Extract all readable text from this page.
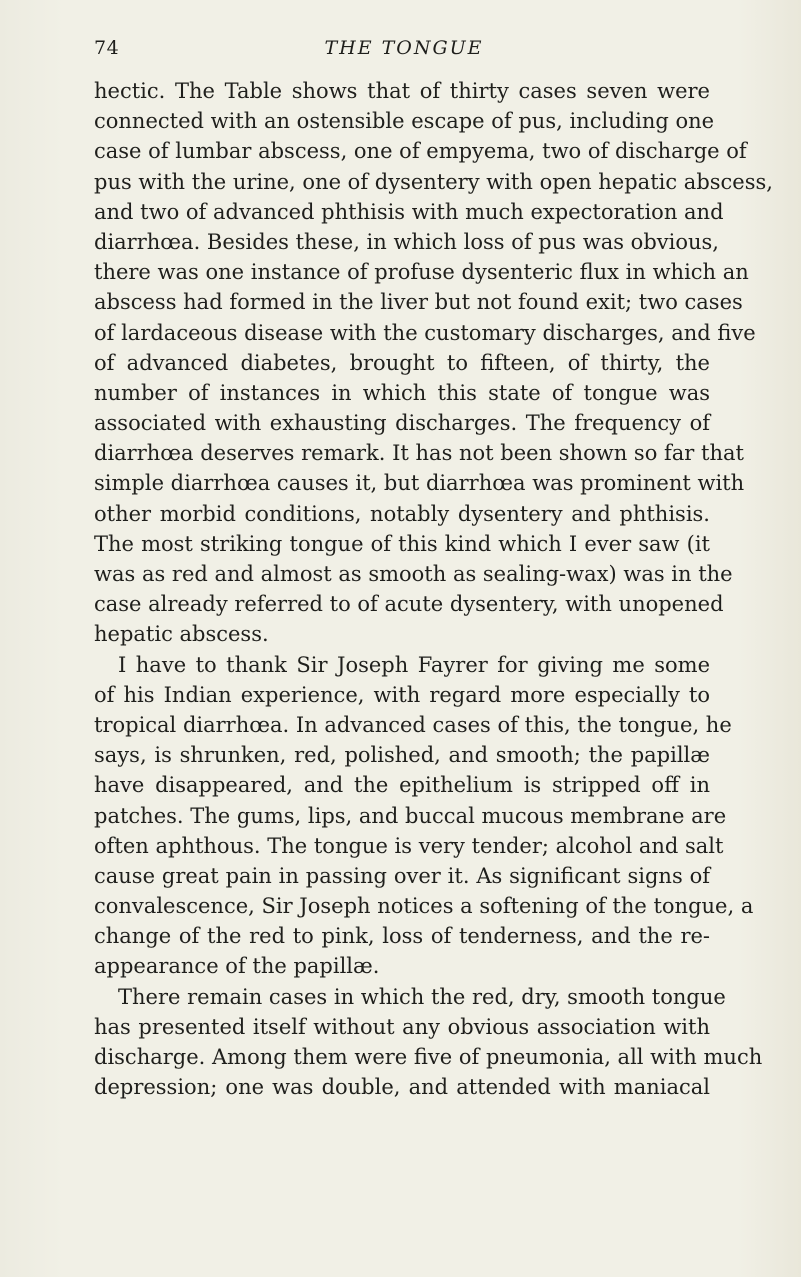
74	THE TONGUE
hectic. The Table shows that of thirty cases seven were
connected with an ostensible escape of pus, including one
case of lumbar abscess, one of empyema, two of discharge of
pus with the urine, one of dysentery with open hepatic abscess,
and two of advanced phthisis with much expectoration and
diarrhœa. Besides these, in which loss of pus was obvious,
there was one instance of profuse dysenteric flux in which an
abscess had formed in the liver but not found exit; two cases
of lardaceous disease with the customary discharges, and five
of advanced diabetes, brought to fifteen, of thirty, the
number of instances in which this state of tongue was
associated with exhausting discharges. The frequency of
diarrhœa deserves remark. It has not been shown so far that
simple diarrhœa causes it, but diarrhœa was prominent with
other morbid conditions, notably dysentery and phthisis.
The most striking tongue of this kind which I ever saw (it
was as red and almost as smooth as sealing-wax) was in the
case already referred to of acute dysentery, with unopened
hepatic abscess.
I have to thank Sir Joseph Fayrer for giving me some
of his Indian experience, with regard more especially to
tropical diarrhœa. In advanced cases of this, the tongue, he
says, is shrunken, red, polished, and smooth; the papillæ
have disappeared, and the epithelium is stripped off in
patches. The gums, lips, and buccal mucous membrane are
often aphthous. The tongue is very tender; alcohol and salt
cause great pain in passing over it. As significant signs of
convalescence, Sir Joseph notices a softening of the tongue, a
change of the red to pink, loss of tenderness, and the re-
appearance of the papillæ.
There remain cases in which the red, dry, smooth tongue
has presented itself without any obvious association with
discharge. Among them were five of pneumonia, all with much
depression; one was double, and attended with maniacal
